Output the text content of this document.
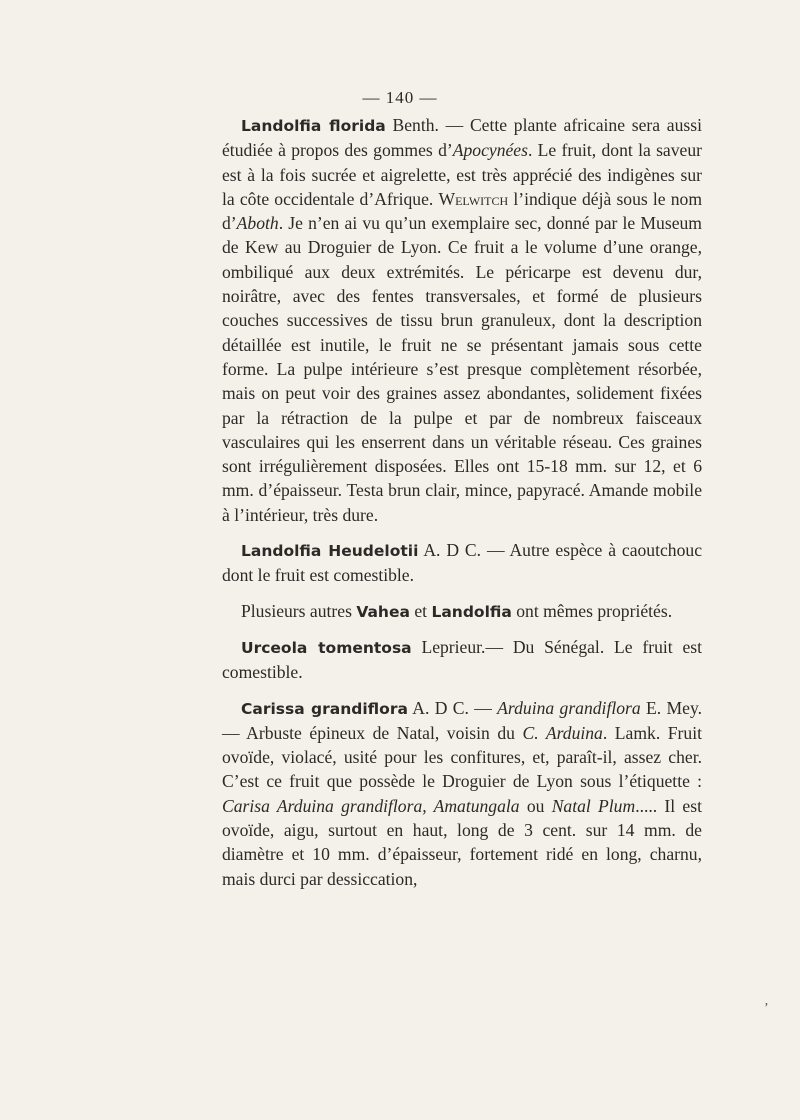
— 140 —

Landolfia florida Benth. — Cette plante africaine sera aussi étudiée à propos des gommes d’Apocynées. Le fruit, dont la saveur est à la fois sucrée et aigrelette, est très apprécié des indigènes sur la côte occidentale d’Afrique. Welwitch l’indique déjà sous le nom d’Aboth. Je n’en ai vu qu’un exemplaire sec, donné par le Museum de Kew au Droguier de Lyon. Ce fruit a le volume d’une orange, ombiliqué aux deux extrémités. Le péricarpe est devenu dur, noirâtre, avec des fentes transversales, et formé de plusieurs couches successives de tissu brun granuleux, dont la description détaillée est inutile, le fruit ne se présentant jamais sous cette forme. La pulpe intérieure s’est presque complètement résorbée, mais on peut voir des graines assez abondantes, solidement fixées par la rétraction de la pulpe et par de nombreux faisceaux vasculaires qui les enserrent dans un véritable réseau. Ces graines sont irrégulièrement disposées. Elles ont 15-18 mm. sur 12, et 6 mm. d’épaisseur. Testa brun clair, mince, papyracé. Amande mobile à l’intérieur, très dure.

Landolfia Heudelotii A. D C. — Autre espèce à caoutchouc dont le fruit est comestible.

Plusieurs autres Vahea et Landolfia ont mêmes propriétés.

Urceola tomentosa Leprieur.— Du Sénégal. Le fruit est comestible.

Carissa grandiflora A. D C. — Arduina grandiflora E. Mey. — Arbuste épineux de Natal, voisin du C. Arduina. Lamk. Fruit ovoïde, violacé, usité pour les confitures, et, paraît-il, assez cher. C’est ce fruit que possède le Droguier de Lyon sous l’étiquette : Carisa Arduina grandiflora, Amatungala ou Natal Plum..... Il est ovoïde, aigu, surtout en haut, long de 3 cent. sur 14 mm. de diamètre et 10 mm. d’épaisseur, fortement ridé en long, charnu, mais durci par dessiccation,

’
